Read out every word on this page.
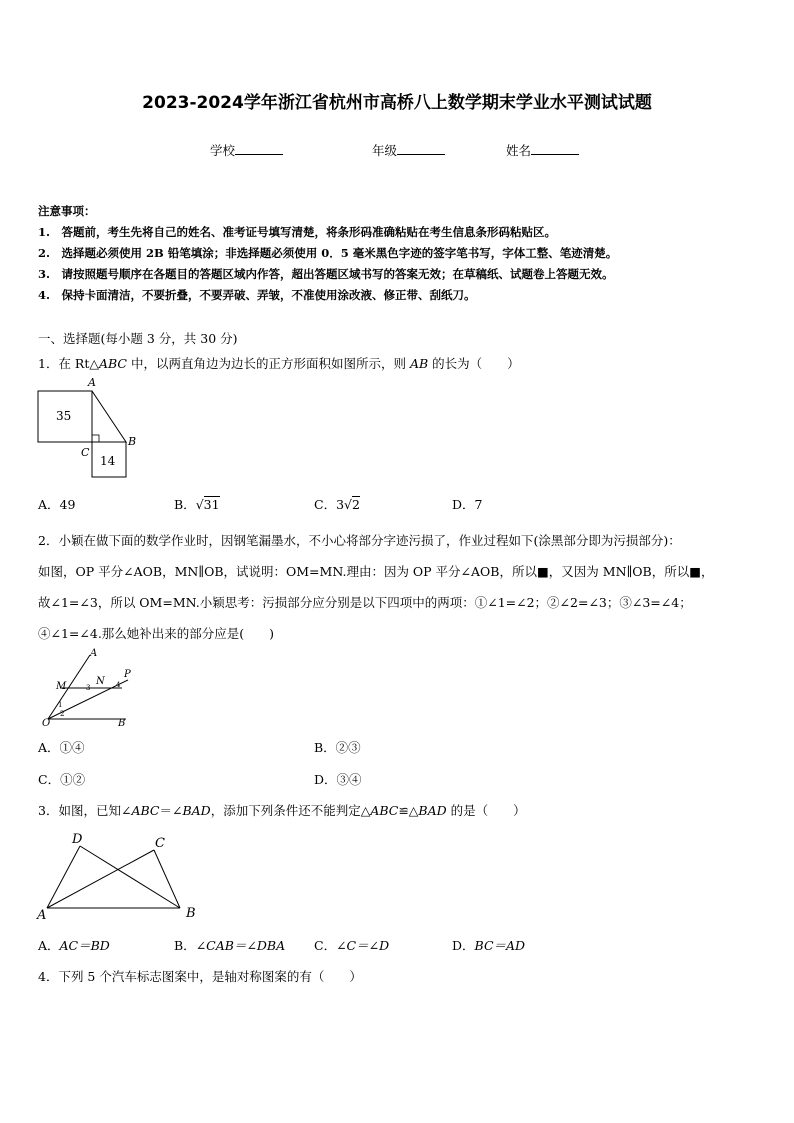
2023-2024学年浙江省杭州市高桥八上数学期末学业水平测试试题
学校	年级	姓名
注意事项：
1.　答题前，考生先将自己的姓名、准考证号填写清楚，将条形码准确粘贴在考生信息条形码粘贴区。
2.　选择题必须使用 2B 铅笔填涂；非选择题必须使用 0．5 毫米黑色字迹的签字笔书写，字体工整、笔迹清楚。
3.　请按照题号顺序在各题目的答题区域内作答，超出答题区域书写的答案无效；在草稿纸、试题卷上答题无效。
4.　保持卡面清洁，不要折叠，不要弄破、弄皱，不准使用涂改液、修正带、刮纸刀。
一、选择题(每小题 3 分，共 30 分)
1．在 Rt△ABC 中，以两直角边为边长的正方形面积如图所示，则 AB 的长为（　　）
A
B
C
35
14
A．49	B．√31	C．3√2	D．7
2．小颖在做下面的数学作业时，因钢笔漏墨水，不小心将部分字迹污损了，作业过程如下(涂黑部分即为污损部分)：
如图，OP 平分∠AOB，MN∥OB，试说明：OM=MN.理由：因为 OP 平分∠AOB，所以■，又因为 MN∥OB，所以■，
故∠1=∠3，所以 OM=MN.小颖思考：污损部分应分别是以下四项中的两项：①∠1=∠2；②∠2=∠3；③∠3=∠4；
④∠1=∠4.那么她补出来的部分应是(　　)
A
M	N
P
O	B
1
2
3	4
A．①④	B．②③
C．①②	D．③④
3．如图，已知∠ABC＝∠BAD，添加下列条件还不能判定△ABC≌△BAD 的是（　　）
D	C
A	B
A．AC＝BD	B．∠CAB＝∠DBA C．∠C＝∠D	D．BC＝AD
4．下列 5 个汽车标志图案中，是轴对称图案的有（　　）
